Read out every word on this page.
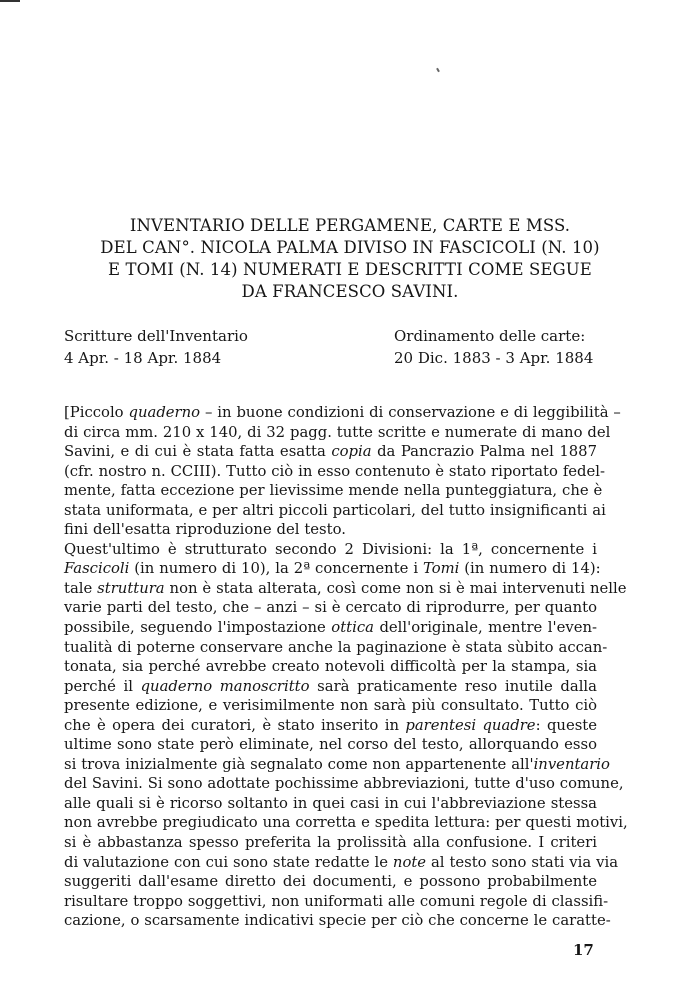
INVENTARIO DELLE PERGAMENE, CARTE E MSS.
DEL CAN°. NICOLA PALMA DIVISO IN FASCICOLI (N. 10)
E TOMI (N. 14) NUMERATI E DESCRITTI COME SEGUE
DA FRANCESCO SAVINI.
Scritture dell'Inventario
4 Apr. - 18 Apr. 1884
Ordinamento delle carte:
20 Dic. 1883 - 3 Apr. 1884
[Piccolo quaderno – in buone condizioni di conservazione e di leggibilità –
di circa mm. 210 x 140, di 32 pagg. tutte scritte e numerate di mano del
Savini, e di cui è stata fatta esatta copia da Pancrazio Palma nel 1887
(cfr. nostro n. CCIII). Tutto ciò in esso contenuto è stato riportato fedel-
mente, fatta eccezione per lievissime mende nella punteggiatura, che è
stata uniformata, e per altri piccoli particolari, del tutto insignificanti ai
fini dell'esatta riproduzione del testo.
Quest'ultimo è strutturato secondo 2 Divisioni: la 1ª, concernente i
Fascicoli (in numero di 10), la 2ª concernente i Tomi (in numero di 14):
tale struttura non è stata alterata, così come non si è mai intervenuti nelle
varie parti del testo, che – anzi – si è cercato di riprodurre, per quanto
possibile, seguendo l'impostazione ottica dell'originale, mentre l'even-
tualità di poterne conservare anche la paginazione è stata sùbito accan-
tonata, sia perché avrebbe creato notevoli difficoltà per la stampa, sia
perché il quaderno manoscritto sarà praticamente reso inutile dalla
presente edizione, e verisimilmente non sarà più consultato. Tutto ciò
che è opera dei curatori, è stato inserito in parentesi quadre: queste
ultime sono state però eliminate, nel corso del testo, allorquando esso
si trova inizialmente già segnalato come non appartenente all'inventario
del Savini. Si sono adottate pochissime abbreviazioni, tutte d'uso comune,
alle quali si è ricorso soltanto in quei casi in cui l'abbreviazione stessa
non avrebbe pregiudicato una corretta e spedita lettura: per questi motivi,
si è abbastanza spesso preferita la prolissità alla confusione. I criteri
di valutazione con cui sono state redatte le note al testo sono stati via via
suggeriti dall'esame diretto dei documenti, e possono probabilmente
risultare troppo soggettivi, non uniformati alle comuni regole di classifi-
cazione, o scarsamente indicativi specie per ciò che concerne le caratte-
17
